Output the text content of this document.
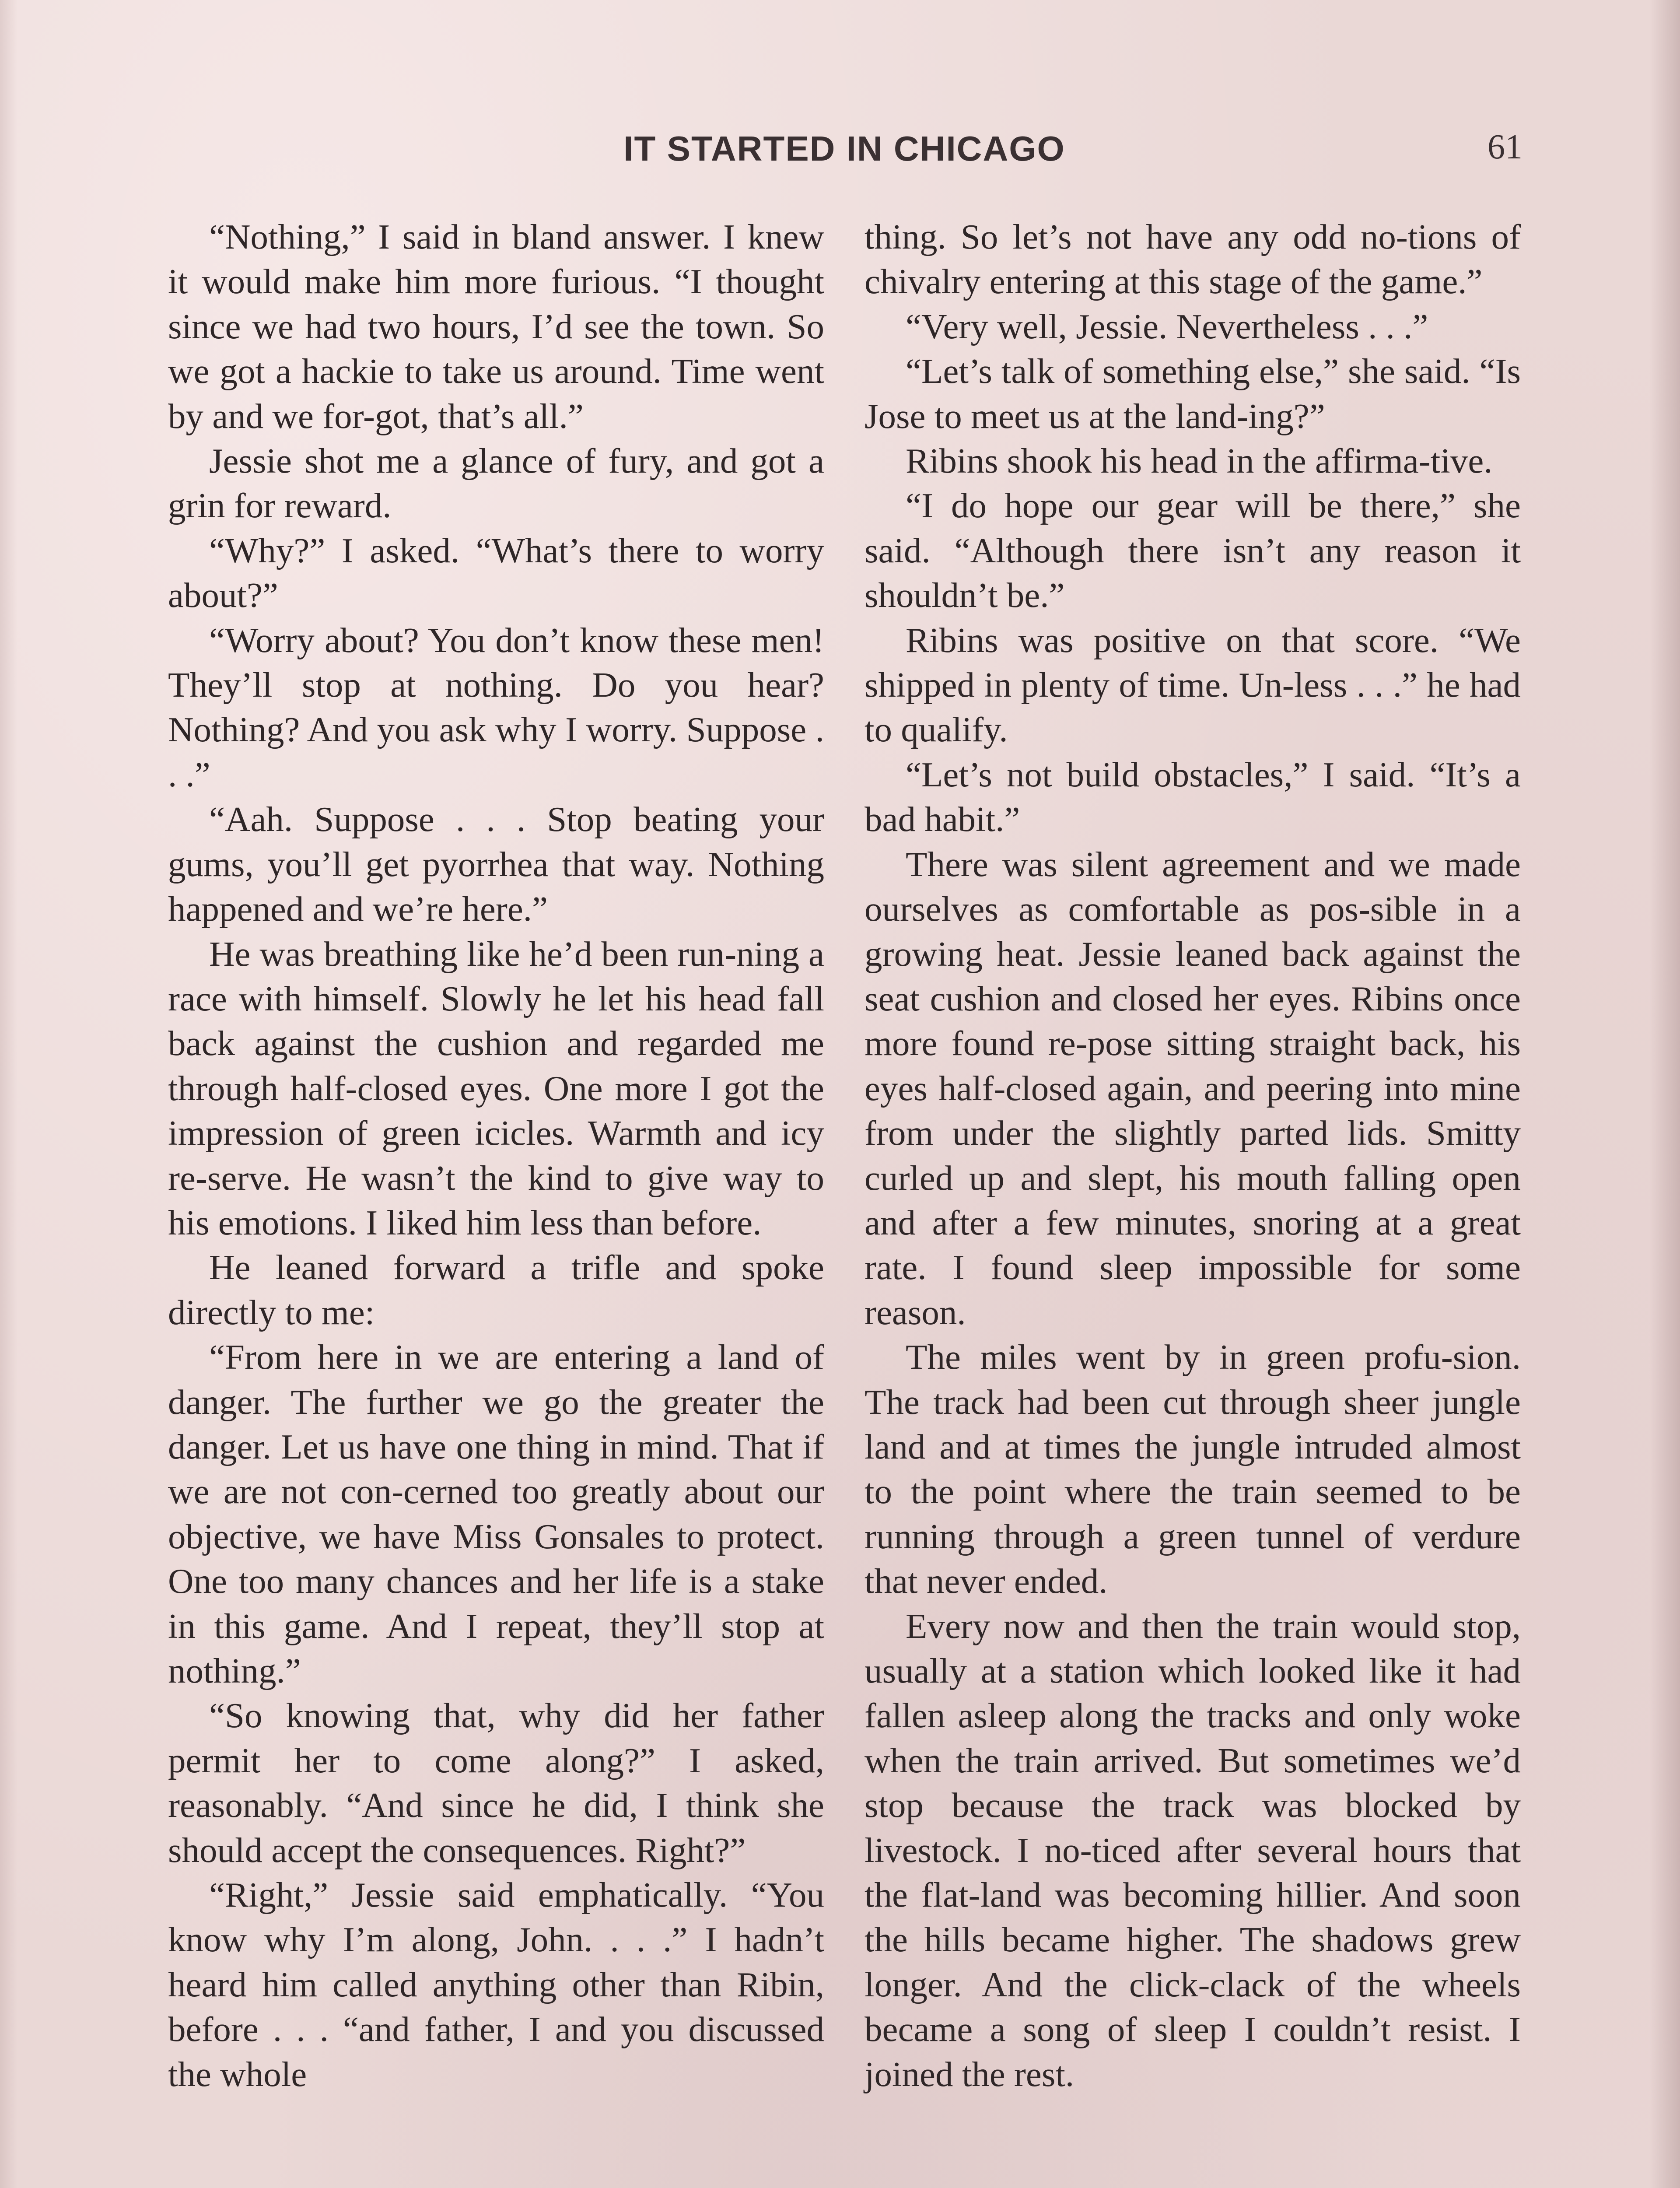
IT STARTED IN CHICAGO	61

“Nothing,” I said in bland answer. I knew it would make him more furious. “I thought since we had two hours, I’d see the town. So we got a hackie to take us around. Time went by and we for-got, that’s all.”

Jessie shot me a glance of fury, and got a grin for reward.

“Why?” I asked. “What’s there to worry about?”

“Worry about? You don’t know these men! They’ll stop at nothing. Do you hear? Nothing? And you ask why I worry. Suppose . . .”

“Aah. Suppose . . . Stop beating your gums, you’ll get pyorrhea that way. Nothing happened and we’re here.”

He was breathing like he’d been run-ning a race with himself. Slowly he let his head fall back against the cushion and regarded me through half-closed eyes. One more I got the impression of green icicles. Warmth and icy re-serve. He wasn’t the kind to give way to his emotions. I liked him less than before.

He leaned forward a trifle and spoke directly to me:

“From here in we are entering a land of danger. The further we go the greater the danger. Let us have one thing in mind. That if we are not con-cerned too greatly about our objective, we have Miss Gonsales to protect. One too many chances and her life is a stake in this game. And I repeat, they’ll stop at nothing.”

“So knowing that, why did her father permit her to come along?” I asked, reasonably. “And since he did, I think she should accept the consequences. Right?”

“Right,” Jessie said emphatically. “You know why I’m along, John. . . .” I hadn’t heard him called anything other than Ribin, before . . . “and father, I and you discussed the whole

thing. So let’s not have any odd no-tions of chivalry entering at this stage of the game.”

“Very well, Jessie. Nevertheless . . .”

“Let’s talk of something else,” she said. “Is Jose to meet us at the land-ing?”

Ribins shook his head in the affirma-tive.

“I do hope our gear will be there,” she said. “Although there isn’t any reason it shouldn’t be.”

Ribins was positive on that score. “We shipped in plenty of time. Un-less . . .” he had to qualify.

“Let’s not build obstacles,” I said. “It’s a bad habit.”

There was silent agreement and we made ourselves as comfortable as pos-sible in a growing heat. Jessie leaned back against the seat cushion and closed her eyes. Ribins once more found re-pose sitting straight back, his eyes half-closed again, and peering into mine from under the slightly parted lids. Smitty curled up and slept, his mouth falling open and after a few minutes, snoring at a great rate. I found sleep impossible for some reason.

The miles went by in green profu-sion. The track had been cut through sheer jungle land and at times the jungle intruded almost to the point where the train seemed to be running through a green tunnel of verdure that never ended.

Every now and then the train would stop, usually at a station which looked like it had fallen asleep along the tracks and only woke when the train arrived. But sometimes we’d stop because the track was blocked by livestock. I no-ticed after several hours that the flat-land was becoming hillier. And soon the hills became higher. The shadows grew longer. And the click-clack of the wheels became a song of sleep I couldn’t resist. I joined the rest.
